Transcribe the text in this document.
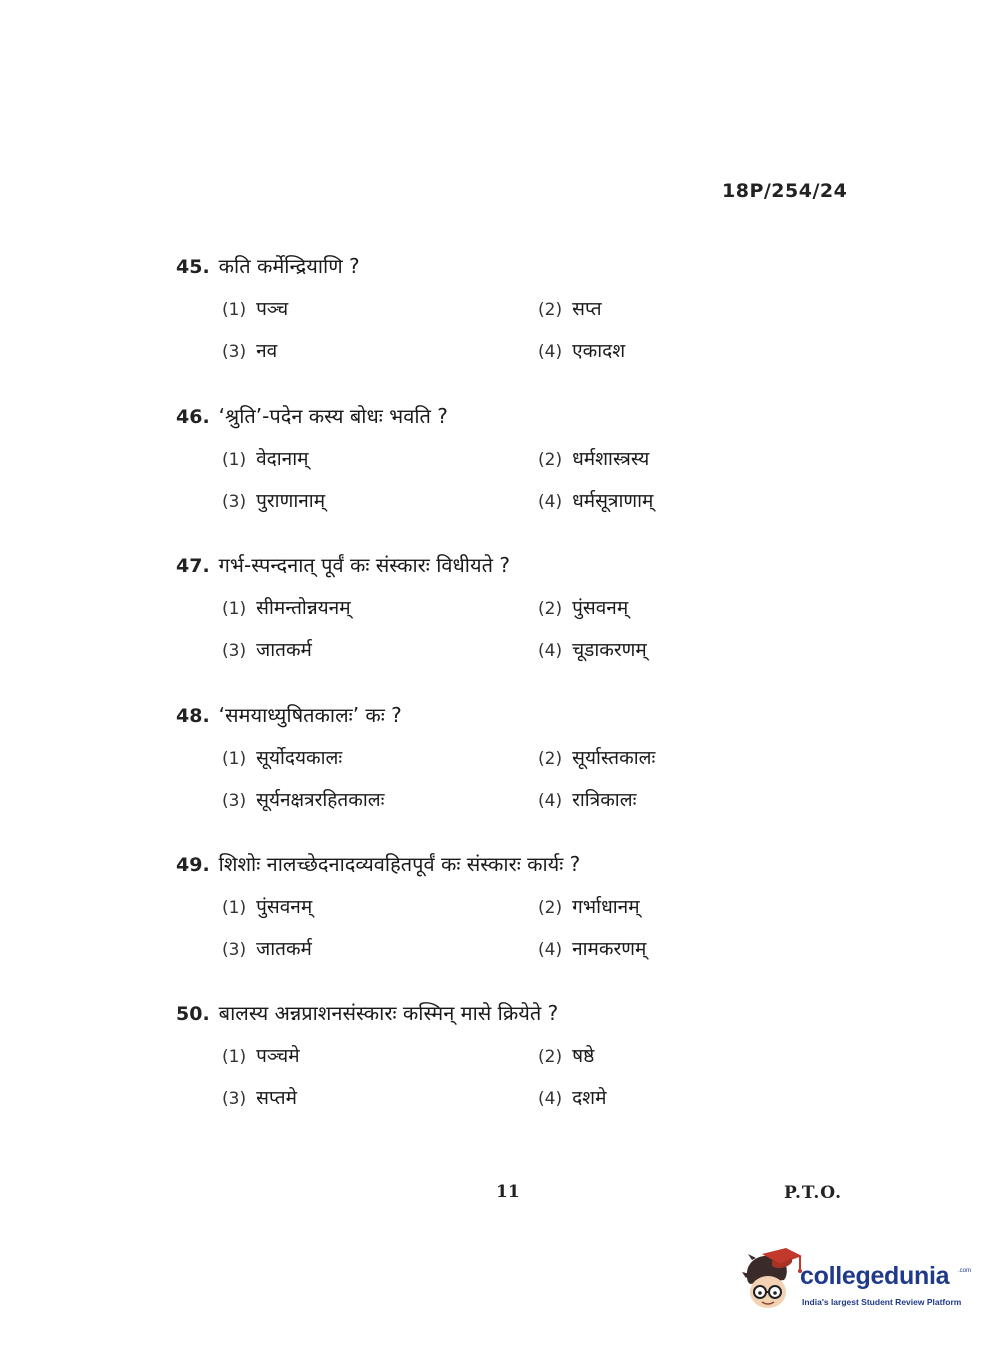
18P/254/24
45. कति कर्मेन्द्रियाणि ?
(1) पञ्च	(2) सप्त
(3) नव	(4) एकादश
46. ‘श्रुति’-पदेन कस्य बोधः भवति ?
(1) वेदानाम्	(2) धर्मशास्त्रस्य
(3) पुराणानाम्	(4) धर्मसूत्राणाम्
47. गर्भ-स्पन्दनात् पूर्वं कः संस्कारः विधीयते ?
(1) सीमन्तोन्नयनम्	(2) पुंसवनम्
(3) जातकर्म	(4) चूडाकरणम्
48. ‘समयाध्युषितकालः’ कः ?
(1) सूर्योदयकालः	(2) सूर्यास्तकालः
(3) सूर्यनक्षत्ररहितकालः	(4) रात्रिकालः
49. शिशोः नालच्छेदनादव्यवहितपूर्वं कः संस्कारः कार्यः ?
(1) पुंसवनम्	(2) गर्भाधानम्
(3) जातकर्म	(4) नामकरणम्
50. बालस्य अन्नप्राशनसंस्कारः कस्मिन् मासे क्रियेते ?
(1) पञ्चमे	(2) षष्ठे
(3) सप्तमे	(4) दशमे
11	P.T.O.
collegedunia .com
India's largest Student Review Platform
